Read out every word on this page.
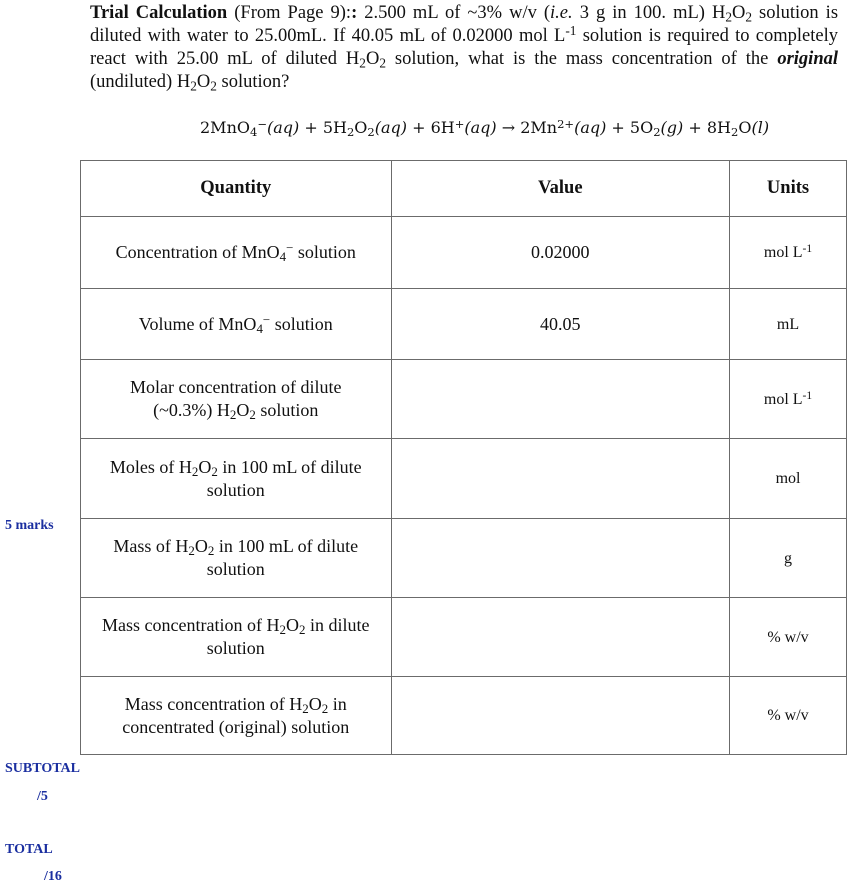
Trial Calculation (From Page 9):: 2.500 mL of ~3% w/v (i.e. 3 g in 100. mL) $H_2O_2$ solution is diluted with water to 25.00mL. If 40.05 mL of 0.02000 mol $L^{-1}$ solution is required to completely react with 25.00 mL of diluted $H_2O_2$ solution, what is the mass concentration of the original (undiluted) $H_2O_2$ solution?
$2MnO_4^-(aq) + 5H_2O_2(aq) + 6H^+(aq) \to 2Mn^{2+}(aq) + 5O_2(g) + 8H_2O(l)$
Quantity	Value	Units
Concentration of MnO$_4$− solution	0.02000	mol $L^{-1}$
Volume of MnO$_4$− solution	40.05	mL
Molar concentration of dilute
(~0.3%) $H_2O_2$ solution		mol $L^{-1}$
Moles of $H_2O_2$ in 100 mL of dilute
solution		mol
Mass of $H_2O_2$ in 100 mL of dilute
solution		g
Mass concentration of $H_2O_2$ in dilute
solution		% w/v
Mass concentration of $H_2O_2$ in
concentrated (original) solution		% w/v
5 marks
SUBTOTAL
/5
TOTAL
/16
